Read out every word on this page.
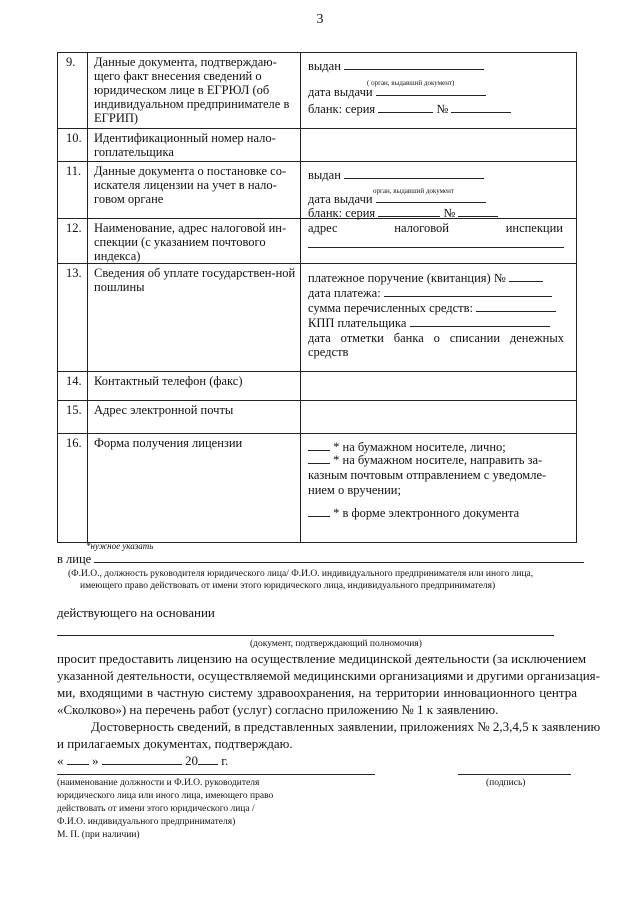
3
9.	Данные документа, подтверждаю-щего факт внесения сведений о юридическом лице в ЕГРЮЛ (об индивидуальном предпринимателе в ЕГРИП)	выдан
( орган, выдавший документ)
дата выдачи
бланк: серия №

10.	Идентификационный номер нало-гоплательщика	
11.	Данные документа о постановке со-искателя лицензии на учет в нало-говом органе	выдан
орган, выдавший документ
дата выдачи
бланк: серия №

12.	Наименование, адрес налоговой ин-спекции (с указанием почтового индекса)	адрес налоговой инспекции

13.	Сведения об уплате государствен-ной пошлины	платежное поручение (квитанция) №
дата платежа:
сумма перечисленных средств:
КПП плательщика
дата отметки банка о списании денежных средств

14.	Контактный телефон (факс)	
15.	Адрес электронной почты	
16.	Форма получения лицензии	* на бумажном носителе, лично;
* на бумажном носителе, направить за-казным почтовым отправлением с уведомле-нием о вручении;
* в форме электронного документа
*нужное указать
в лице
(Ф.И.О., должность руководителя юридического лица/ Ф.И.О. индивидуального предпринимателя или иного лица,
имеющего право действовать от имени этого юридического лица, индивидуального предпринимателя)
действующего на основании
(документ, подтверждающий полномочия)
просит предоставить лицензию на осуществление медицинской деятельности (за исключением
указанной деятельности, осуществляемой медицинскими организациями и другими организация-
ми, входящими в частную систему здравоохранения, на территории инновационного центра
«Сколково») на перечень работ (услуг) согласно приложению № 1 к заявлению.
Достоверность сведений, в представленных заявлении, приложениях № 2,3,4,5 к заявлению
и прилагаемых документах, подтверждаю.
« »	20 г.
(наименование должности и Ф.И.О. руководителя
юридического лица или иного лица, имеющего право
действовать от имени этого юридического лица /
Ф.И.О. индивидуального предпринимателя)
М. П. (при наличии)
(подпись)
